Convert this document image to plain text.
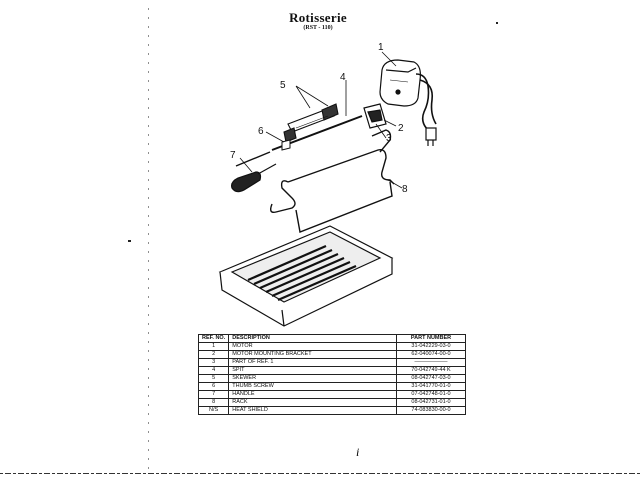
Rotisserie
(RST - 110)
1
2
3
4
5
6
7
8
i
REF. NO.	DESCRIPTION	PART NUMBER
1	MOTOR	31-042229-03-0
2	MOTOR MOUNTING BRACKET	62-040074-00-0
3	PART OF REF. 1	——————
4	SPIT	70-042749-44 K
5	SKEWER	08-042747-03-0
6	THUMB SCREW	31-041770-01-0
7	HANDLE	07-042748-01-0
8	RACK	08-042731-01-0
N/S	HEAT SHIELD	74-083830-00-0
